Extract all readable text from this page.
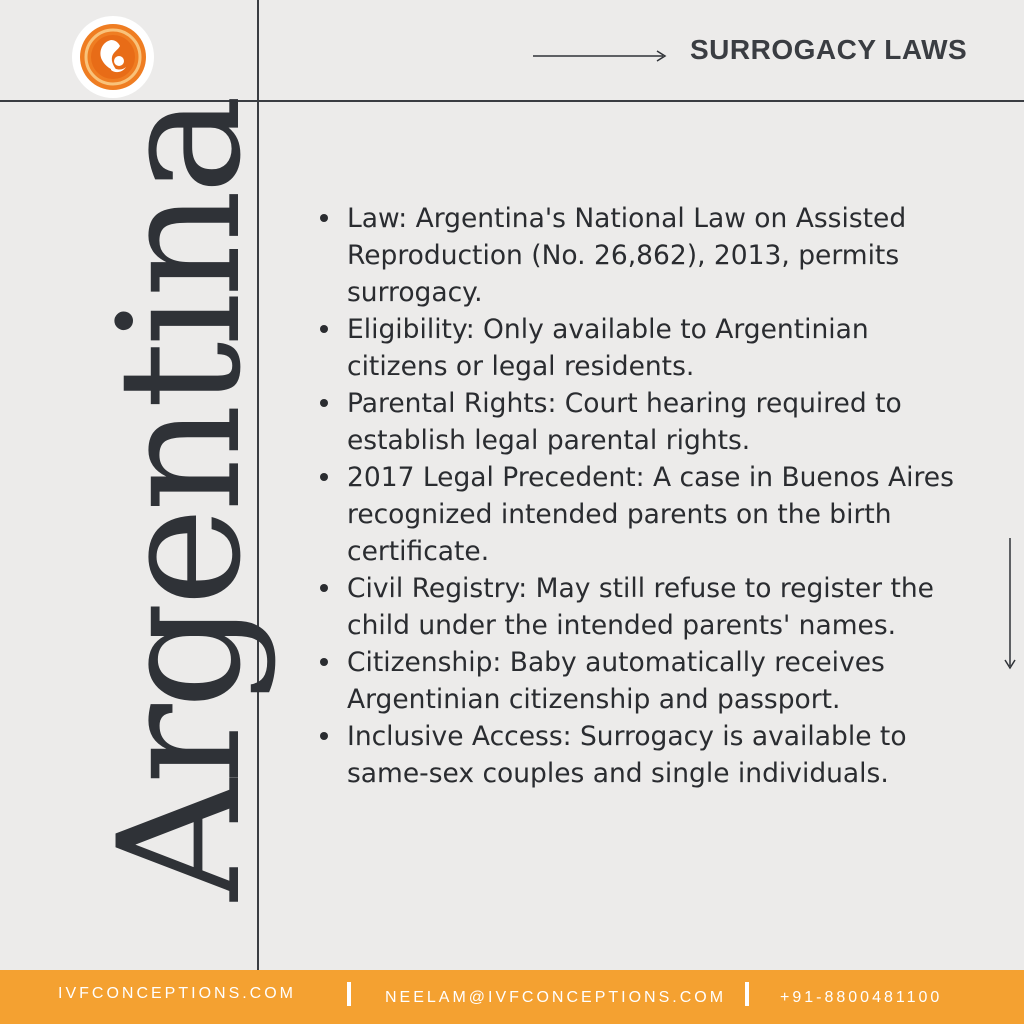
SURROGACY LAWS
Argentina	Law: Argentina's National Law on Assisted Reproduction (No. 26,862), 2013, permits surrogacy.
Eligibility: Only available to Argentinian citizens or legal residents.
Parental Rights: Court hearing required to establish legal parental rights.
2017 Legal Precedent: A case in Buenos Aires recognized intended parents on the birth certificate.
Civil Registry: May still refuse to register the child under the intended parents' names.
Citizenship: Baby automatically receives Argentinian citizenship and passport.
Inclusive Access: Surrogacy is available to same-sex couples and single individuals.
IVFCONCEPTIONS.COM	NEELAM@IVFCONCEPTIONS.COM	+91-8800481100
